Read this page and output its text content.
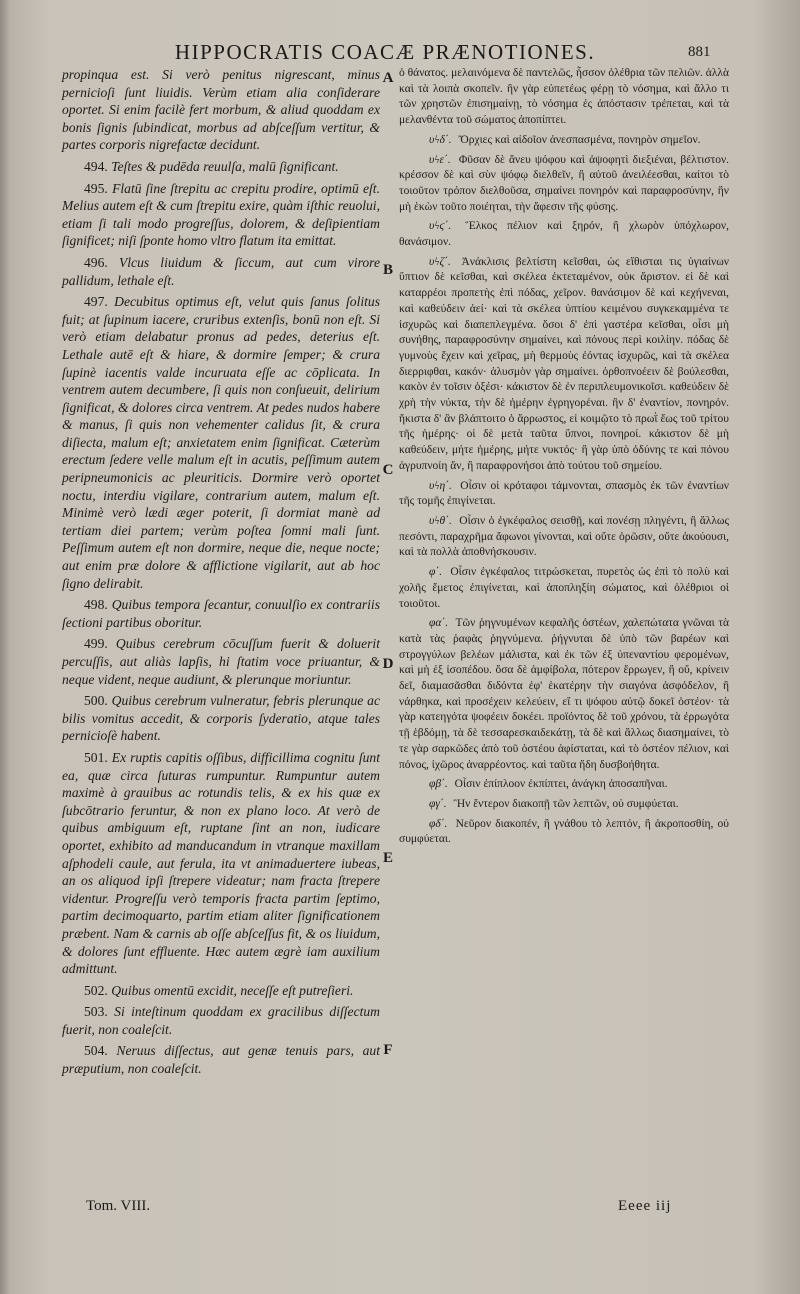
HIPPOCRATIS COACÆ PRÆNOTIONES.	881

propinqua est. Si verò penitus nigrescant, minus pernicioſi ſunt liuidis. Verùm etiam alia conſiderare oportet. Si enim facilè fert morbum, & aliud quoddam ex bonis ſignis ſubindicat, morbus ad abſceſſum vertitur, & partes corporis nigrefactæ decidunt.

494. Teſtes & pudēda reuulſa, malū ſignificant.

495. Flatū ſine ſtrepitu ac crepitu prodire, optimū eſt. Melius autem eſt & cum ſtrepitu exire, quàm iſthic reuolui, etiam ſi tali modo progreſſus, dolorem, & deſipientiam ſignificet; niſi ſponte homo vltro flatum ita emittat.

496. Vlcus liuidum & ſiccum, aut cum virore pallidum, lethale eſt.

497. Decubitus optimus eſt, velut quis ſanus ſolitus fuit; at ſupinum iacere, cruribus extenſis, bonū non eſt. Si verò etiam delabatur pronus ad pedes, deterius eſt. Lethale autē eſt & hiare, & dormire ſemper; & crura ſupinè iacentis valde incuruata eſſe ac cōplicata. In ventrem autem decumbere, ſi quis non conſueuit, delirium ſignificat, & dolores circa ventrem. At pedes nudos habere & manus, ſi quis non vehementer calidus ſit, & crura diſiecta, malum eſt; anxietatem enim ſignificat. Cæterùm erectum ſedere velle malum eſt in acutis, peſſimum autem peripneumonicis ac pleuriticis. Dormire verò oportet noctu, interdiu vigilare, contrarium autem, malum eſt. Minimè verò lædi æger poterit, ſi dormiat manè ad tertiam diei partem; verùm poſtea ſomni mali ſunt. Peſſimum autem eſt non dormire, neque die, neque nocte; aut enim præ dolore & afflictione vigilarit, aut ab hoc ſigno delirabit.

498. Quibus tempora ſecantur, conuulſio ex contrariis ſectioni partibus oboritur.

499. Quibus cerebrum cōcuſſum fuerit & doluerit percuſſis, aut aliàs lapſis, hi ſtatim voce priuantur, & neque vident, neque audiunt, & plerunque moriuntur.

500. Quibus cerebrum vulneratur, febris plerunque ac bilis vomitus accedit, & corporis ſyderatio, atque tales pernicioſè habent.

501. Ex ruptis capitis oſſibus, difficillima cognitu ſunt ea, quæ circa ſuturas rumpuntur. Rumpuntur autem maximè à grauibus ac rotundis telis, & ex his quæ ex ſubcōtrario feruntur, & non ex plano loco. At verò de quibus ambiguum eſt, ruptane ſint an non, iudicare oportet, exhibito ad manducandum in vtranque maxillam aſphodeli caule, aut ferula, ita vt animaduertere iubeas, an os aliquod ipſi ſtrepere videatur; nam fracta ſtrepere videntur. Progreſſu verò temporis fracta partim ſeptimo, partim decimoquarto, partim etiam aliter ſignificationem præbent. Nam & carnis ab oſſe abſceſſus fit, & os liuidum, & dolores ſunt effluente. Hæc autem ægrè iam auxilium admittunt.

502. Quibus omentū excidit, neceſſe eſt putreſieri.

503. Si inteſtinum quoddam ex gracilibus diſſectum fuerit, non coaleſcit.

504. Neruus diſſectus, aut genæ tenuis pars, aut præputium, non coaleſcit.

ὁ θάνατος. μελαινόμενα δὲ παντελῶς, ἧσσον ὀλέθρια τῶν πελιῶν. ἀλλὰ καὶ τὰ λοιπὰ σκοπεῖν. ἢν γὰρ εὐπετέως φέρῃ τὸ νόσημα, καὶ ἄλλο τι τῶν χρηστῶν ἐπισημαίνῃ, τὸ νόσημα ἐς ἀπόστασιν τρέπεται, καὶ τὰ μελανθέντα τοῦ σώματος ἀποπίπτει.

υϟδ΄. Ὄρχιες καὶ αἰδοῖον ἀνεσπασμένα, πονηρὸν σημεῖον.

υϟε΄. Φῦσαν δὲ ἄνευ ψόφου καὶ ἀψοφητὶ διεξιέναι, βέλτιστον. κρέσσον δὲ καὶ σὺν ψόφῳ διελθεῖν, ἢ αὐτοῦ ἀνειλέεσθαι, καίτοι τὸ τοιοῦτον τρόπον διελθοῦσα, σημαίνει πονηρόν καὶ παραφροσύνην, ἢν μὴ ἑκὼν τοῦτο ποιέηται, τὴν ἄφεσιν τῆς φύσης.

υϟϛ΄. Ἕλκος πέλιον καὶ ξηρόν, ἢ χλωρὸν ὑπόχλωρον, θανάσιμον.

υϟζ΄. Ἀνάκλισις βελτίστη κεῖσθαι, ὡς εἴθισται τις ὑγιαίνων ὕπτιον δὲ κεῖσθαι, καὶ σκέλεα ἐκτεταμένον, οὐκ ἄριστον. εἰ δὲ καὶ καταρρέοι προπετὴς ἐπὶ πόδας, χεῖρον. θανάσιμον δὲ καὶ κεχήνεναι, καὶ καθεύδειν ἀεί· καὶ τὰ σκέλεα ὑπτίου κειμένου συγκεκαμμένα τε ἰσχυρῶς καὶ διαπεπλεγμένα. ὅσοι δ' ἐπὶ γαστέρα κεῖσθαι, οἷσι μὴ συνήθης, παραφροσύνην σημαίνει, καὶ πόνους περὶ κοιλίην. πόδας δὲ γυμνοὺς ἔχειν καὶ χεῖρας, μὴ θερμοὺς ἐόντας ἰσχυρῶς, καὶ τὰ σκέλεα διερριφθαι, κακόν· ἀλυσμὸν γὰρ σημαίνει. ὀρθοπνοέειν δὲ βούλεσθαι, κακὸν ἐν τοῖσιν ὀξέσι· κάκιστον δὲ ἐν περιπλευμονικοῖσι. καθεύδειν δὲ χρὴ τὴν νύκτα, τὴν δὲ ἡμέρην ἐγρηγορέναι. ἢν δ' ἐναντίον, πονηρόν. ἥκιστα δ' ἂν βλάπτοιτο ὁ ἄρρωστος, εἰ κοιμῷτο τὸ πρωῒ ἕως τοῦ τρίτου τῆς ἡμέρης· οἱ δὲ μετὰ ταῦτα ὕπνοι, πονηροί. κάκιστον δὲ μὴ καθεύδειν, μήτε ἡμέρης, μήτε νυκτός· ἢ γὰρ ὑπὸ ὀδύνης τε καὶ πόνου ἀγρυπνοίη ἄν, ἢ παραφρονήσοι ἀπὸ τούτου τοῦ σημείου.

υϟη΄. Οἷσιν οἱ κρόταφοι τάμνονται, σπασμὸς ἐκ τῶν ἐναντίων τῆς τομῆς ἐπιγίνεται.

υϟθ΄. Οἷσιν ὁ ἐγκέφαλος σεισθῇ, καὶ πονέσῃ πληγέντι, ἢ ἄλλως πεσόντι, παραχρῆμα ἄφωνοι γίνονται, καὶ οὔτε ὁρῶσιν, οὔτε ἀκούουσι, καὶ τὰ πολλὰ ἀποθνήσκουσιν.

φ΄. Οἷσιν ἐγκέφαλος τιτρώσκεται, πυρετὸς ὡς ἐπὶ τὸ πολὺ καὶ χολῆς ἔμετος ἐπιγίνεται, καὶ ἀποπληξίη σώματος, καὶ ὀλέθριοι οἱ τοιοῦτοι.

φα΄. Τῶν ῥηγνυμένων κεφαλῆς ὀστέων, χαλεπώτατα γνῶναι τὰ κατὰ τὰς ῥαφὰς ῥηγνύμενα. ῥήγνυται δὲ ὑπὸ τῶν βαρέων καὶ στρογγύλων βελέων μάλιστα, καὶ ἐκ τῶν ἐξ ὑπεναντίου φερομένων, καὶ μὴ ἐξ ἰσοπέδου. ὅσα δὲ ἀμφίβολα, πότερον ἔρρωγεν, ἢ οὔ, κρίνειν δεῖ, διαμασᾶσθαι διδόντα ἐφ' ἑκατέρην τὴν σιαγόνα ἀσφόδελον, ἢ νάρθηκα, καὶ προσέχειν κελεύειν, εἴ τι ψόφου αὐτῷ δοκεῖ ὀστέον· τὰ γὰρ κατεηγότα ψοφέειν δοκέει. προϊόντος δὲ τοῦ χρόνου, τὰ ἐρρωγότα τῇ ἑβδόμῃ, τὰ δὲ τεσσαρεσκαιδεκάτῃ, τὰ δὲ καὶ ἄλλως διασημαίνει, τὸ τε γὰρ σαρκῶδες ἀπὸ τοῦ ὀστέου ἀφίσταται, καὶ τὸ ὀστέον πέλιον, καὶ πόνος, ἰχῶρος ἀναρρέοντος. καὶ ταῦτα ἤδη δυσβοήθητα.

φβ΄. Οἷσιν ἐπίπλοον ἐκπίπτει, ἀνάγκη ἀποσαπῆναι.

φγ΄. Ἢν ἔντερον διακοπῇ τῶν λεπτῶν, οὐ συμφύεται.

φδ΄. Νεῦρον διακοπέν, ἢ γνάθου τὸ λεπτόν, ἢ ἀκροποσθίη, οὐ συμφύεται.

A
B
C
D
E
F
Tom. VIII.	Eeee iij
